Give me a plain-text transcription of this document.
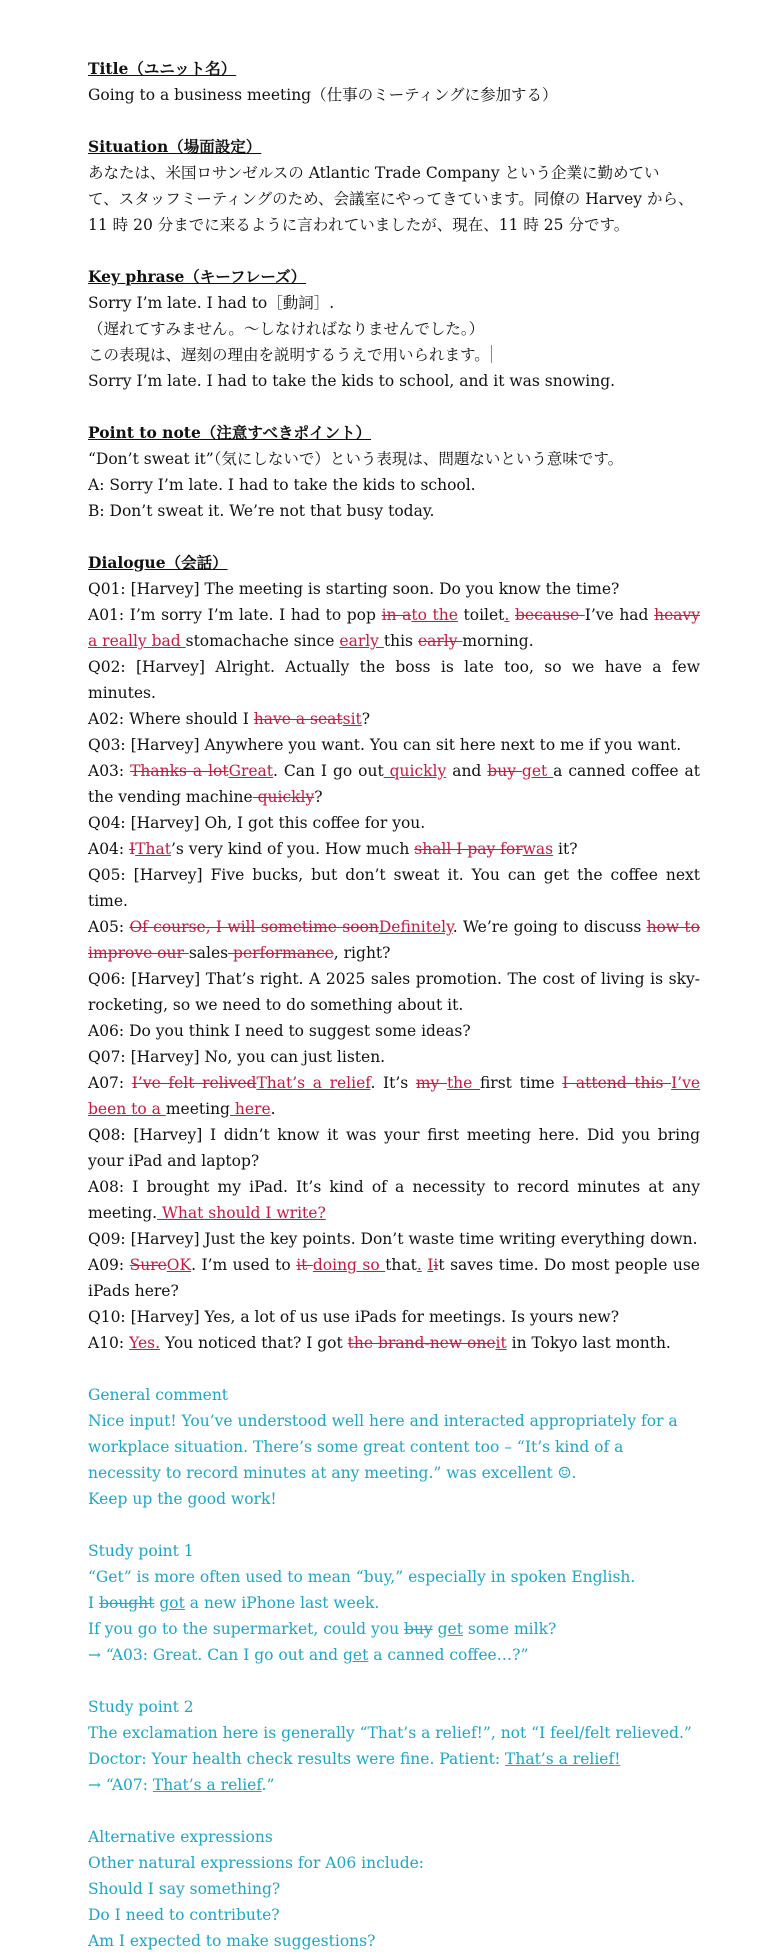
Title（ユニット名）

Going to a business meeting（仕事のミーティングに参加する）

Situation（場面設定）

あなたは、米国ロサンゼルスの Atlantic Trade Company という企業に勤めてい

て、スタッフミーティングのため、会議室にやってきています。同僚の Harvey から、

11 時 20 分までに来るように言われていましたが、現在、11 時 25 分です。

Key phrase（キーフレーズ）

Sorry I’m late. I had to［動詞］.

（遅れてすみません。〜しなければなりませんでした。）

この表現は、遅刻の理由を説明するうえで用いられます。

Sorry I’m late. I had to take the kids to school, and it was snowing.

Point to note（注意すべきポイント）

“Don’t sweat it”（気にしないで）という表現は、問題ないという意味です。

A: Sorry I’m late. I had to take the kids to school.

B: Don’t sweat it. We’re not that busy today.

Dialogue（会話）

Q01: [Harvey] The meeting is starting soon. Do you know the time?

A01: I’m sorry I’m late. I had to pop in ato the toilet. because I’ve had heavy a really bad stomachache since early this early morning.

Q02: [Harvey] Alright. Actually the boss is late too, so we have a few minutes.

A02: Where should I have a seatsit?

Q03: [Harvey] Anywhere you want. You can sit here next to me if you want.

A03: Thanks a lotGreat. Can I go out quickly and buy get a canned coffee at the vending machine quickly?

Q04: [Harvey] Oh, I got this coffee for you.

A04: IThat’s very kind of you. How much shall I pay forwas it?

Q05: [Harvey] Five bucks, but don’t sweat it. You can get the coffee next time.

A05: Of course, I will sometime soonDefinitely. We’re going to discuss how to improve our sales performance, right?

Q06: [Harvey] That’s right. A 2025 sales promotion. The cost of living is sky-rocketing, so we need to do something about it.

A06: Do you think I need to suggest some ideas?

Q07: [Harvey] No, you can just listen.

A07: I’ve felt relivedThat’s a relief. It’s my the first time I attend this I’ve been to a meeting here.

Q08: [Harvey] I didn’t know it was your first meeting here. Did you bring your iPad and laptop?

A08: I brought my iPad. It’s kind of a necessity to record minutes at any meeting. What should I write?

Q09: [Harvey] Just the key points. Don’t waste time writing everything down.

A09: SureOK. I’m used to it doing so that. Iit saves time. Do most people use iPads here?

Q10: [Harvey] Yes, a lot of us use iPads for meetings. Is yours new?

A10: Yes. You noticed that? I got the brand-new oneit in Tokyo last month.

General comment

Nice input! You’ve understood well here and interacted appropriately for a

workplace situation. There’s some great content too – “It’s kind of a

necessity to record minutes at any meeting.” was excellent ☺.

Keep up the good work!

Study point 1

“Get” is more often used to mean “buy,” especially in spoken English.

I bought got a new iPhone last week.

If you go to the supermarket, could you buy get some milk?

→ “A03: Great. Can I go out and get a canned coffee…?”

Study point 2

The exclamation here is generally “That’s a relief!”, not “I feel/felt relieved.”

Doctor: Your health check results were fine. Patient: That’s a relief!

→ “A07: That’s a relief.”

Alternative expressions

Other natural expressions for A06 include:

Should I say something?

Do I need to contribute?

Am I expected to make suggestions?
